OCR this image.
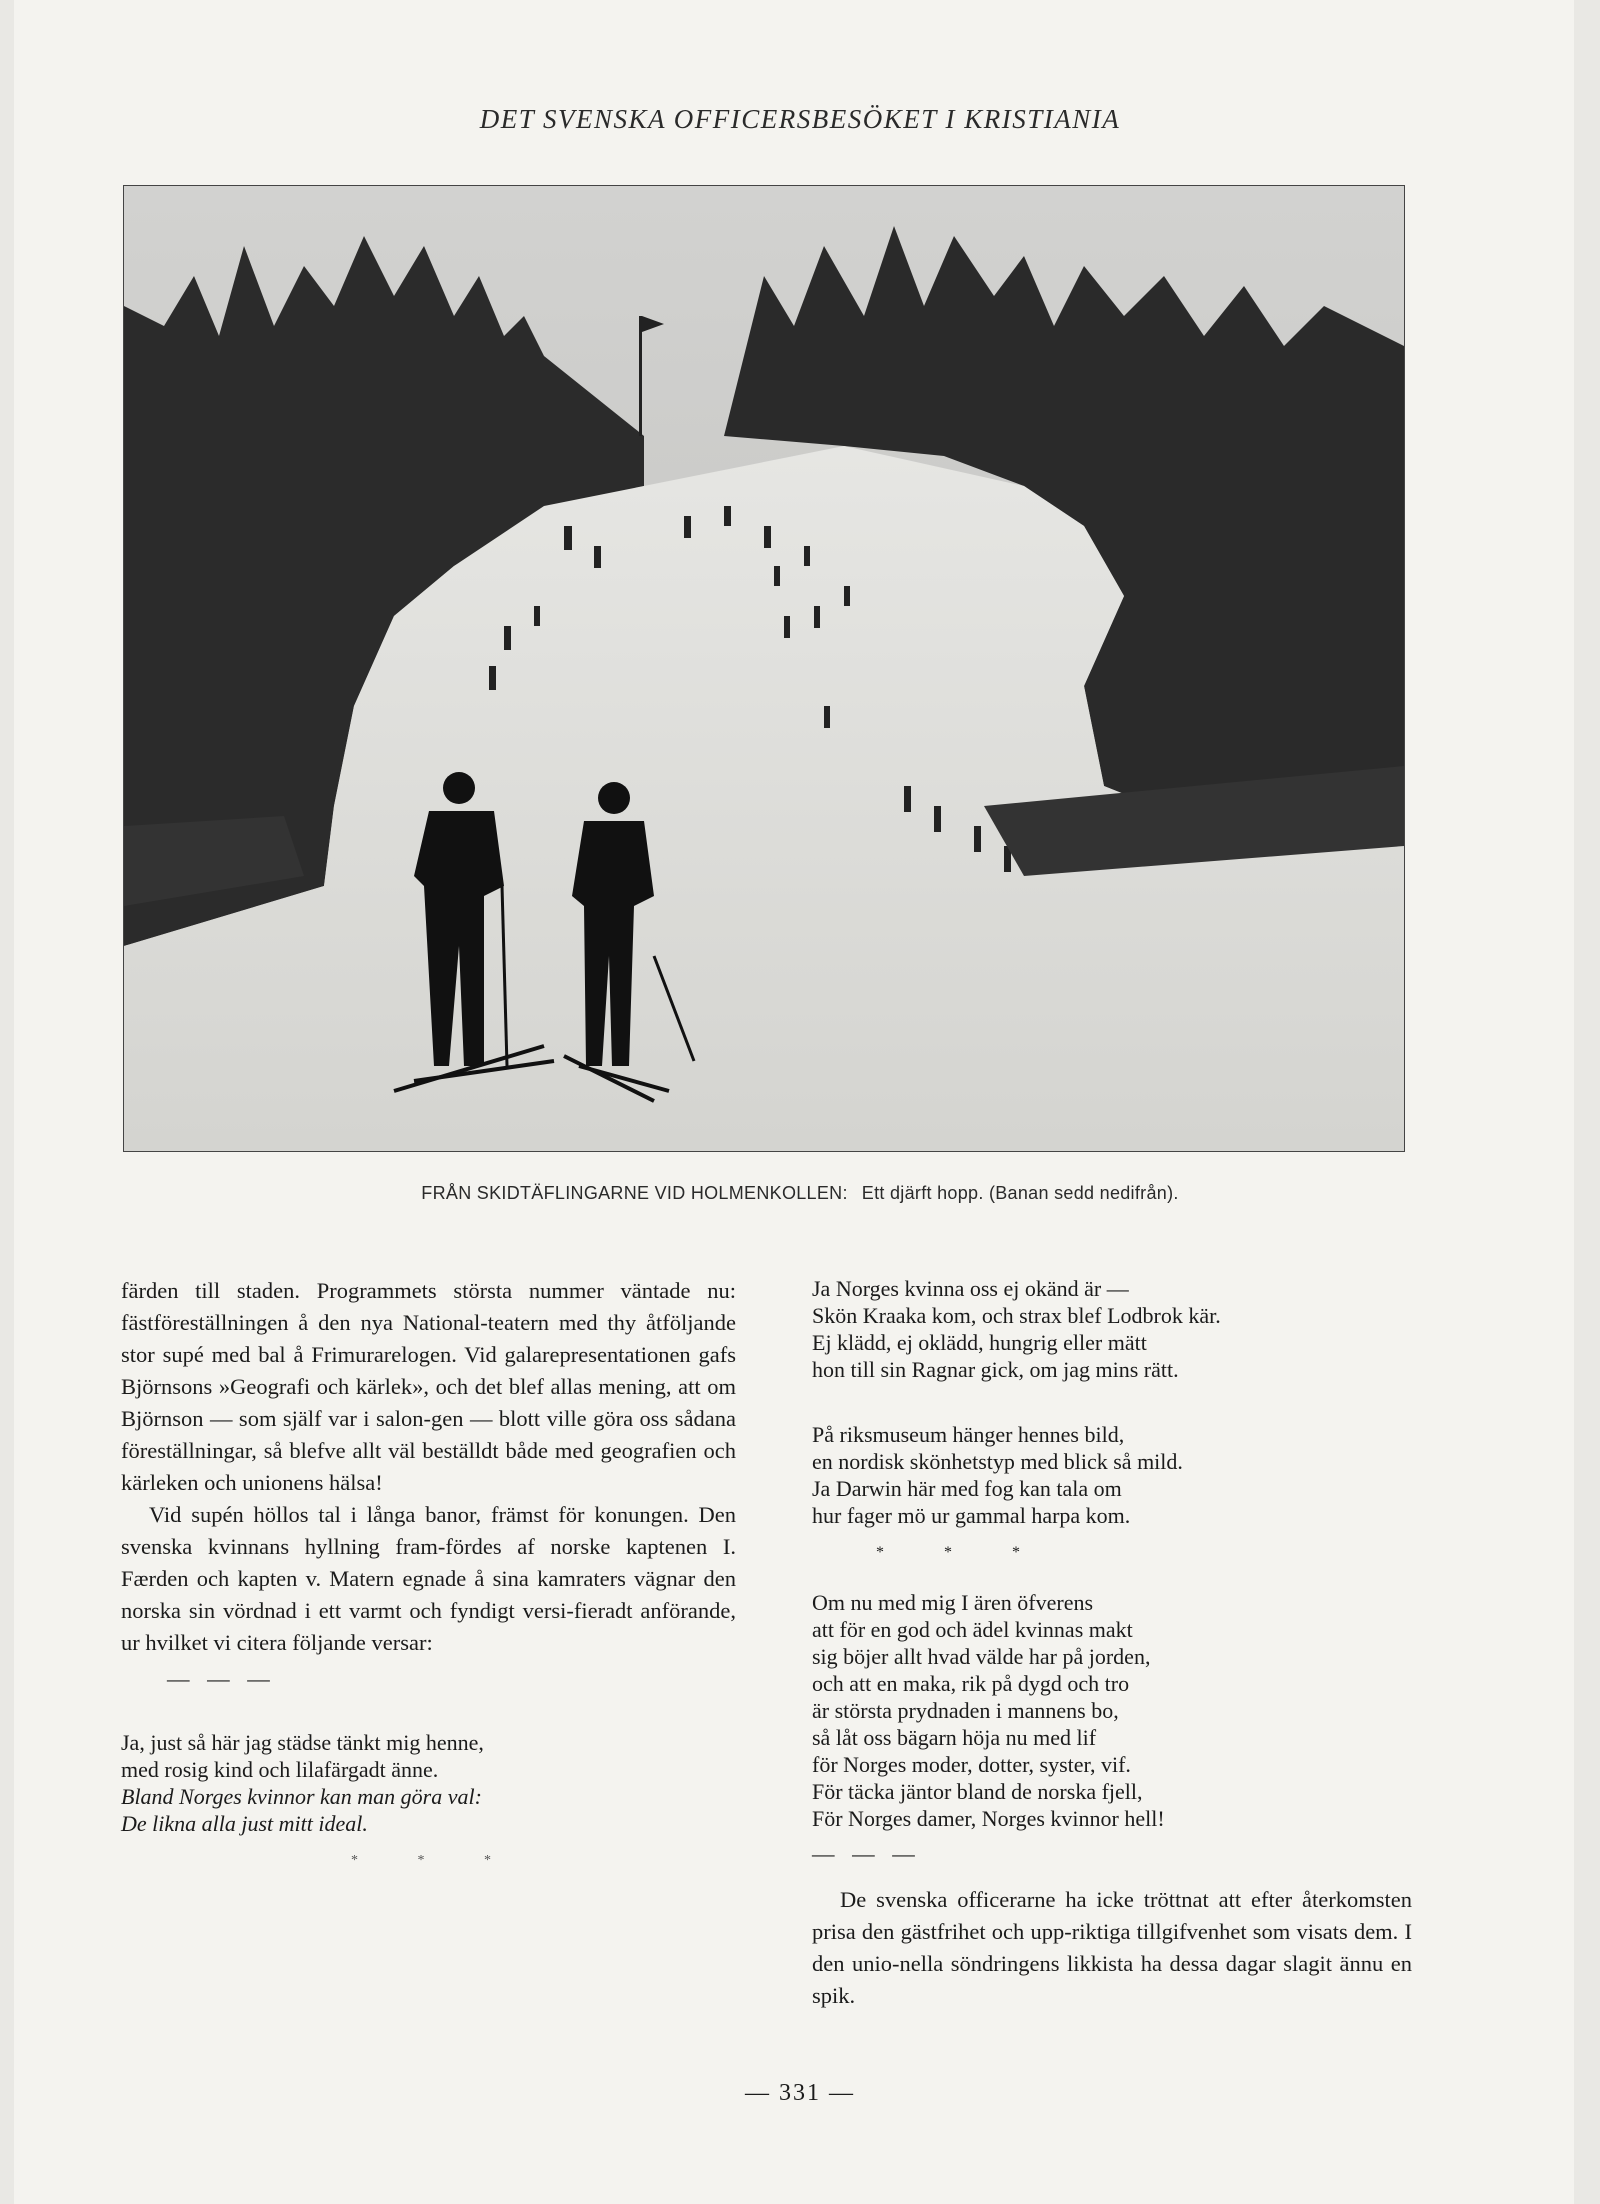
DET SVENSKA OFFICERSBESÖKET I KRISTIANIA
FRÅN SKIDTÄFLINGARNE VID HOLMENKOLLEN: Ett djärft hopp. (Banan sedd nedifrån).

färden till staden. Programmets största nummer väntade nu: fästföreställningen å den nya National-teatern med thy åtföljande stor supé med bal å Frimurarelogen. Vid galarepresentationen gafs Björnsons »Geografi och kärlek», och det blef allas mening, att om Björnson — som själf var i salon-gen — blott ville göra oss sådana föreställningar, så blefve allt väl beställdt både med geografien och kärleken och unionens hälsa!

Vid supén höllos tal i långa banor, främst för konungen. Den svenska kvinnans hyllning fram-fördes af norske kaptenen I. Færden och kapten v. Matern egnade å sina kamraters vägnar den norska sin vördnad i ett varmt och fyndigt versi-fieradt anförande, ur hvilket vi citera följande versar:

— — —
Ja, just så här jag städse tänkt mig henne,
med rosig kind och lilafärgadt änne.
Bland Norges kvinnor kan man göra val:
De likna alla just mitt ideal.
* * *
Ja Norges kvinna oss ej okänd är —
Skön Kraaka kom, och strax blef Lodbrok kär.
Ej klädd, ej oklädd, hungrig eller mätt
hon till sin Ragnar gick, om jag mins rätt.
På riksmuseum hänger hennes bild,
en nordisk skönhetstyp med blick så mild.
Ja Darwin här med fog kan tala om
hur fager mö ur gammal harpa kom.
* * *
Om nu med mig I ären öfverens
att för en god och ädel kvinnas makt
sig böjer allt hvad välde har på jorden,
och att en maka, rik på dygd och tro
är största prydnaden i mannens bo,
så låt oss bägarn höja nu med lif
för Norges moder, dotter, syster, vif.
För täcka jäntor bland de norska fjell,
För Norges damer, Norges kvinnor hell!
— — —

De svenska officerarne ha icke tröttnat att efter återkomsten prisa den gästfrihet och upp-riktiga tillgifvenhet som visats dem. I den unio-nella söndringens likkista ha dessa dagar slagit ännu en spik.

— 331 —
